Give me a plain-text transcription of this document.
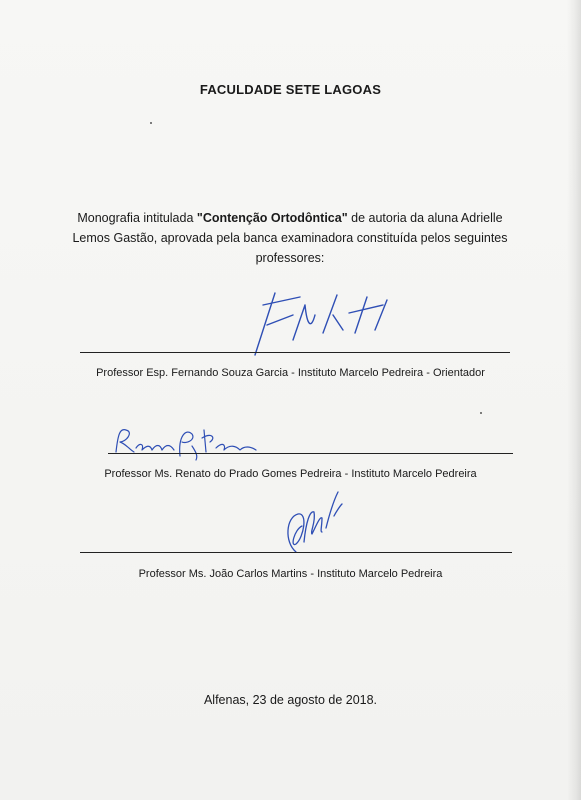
FACULDADE SETE LAGOAS
Monografia intitulada "Contenção Ortodôntica" de autoria da aluna Adrielle Lemos Gastão, aprovada pela banca examinadora constituída pelos seguintes professores:
Professor Esp. Fernando Souza Garcia - Instituto Marcelo Pedreira - Orientador
Professor Ms. Renato do Prado Gomes Pedreira - Instituto Marcelo Pedreira
Professor Ms. João Carlos Martins - Instituto Marcelo Pedreira
Alfenas, 23 de agosto de 2018.
